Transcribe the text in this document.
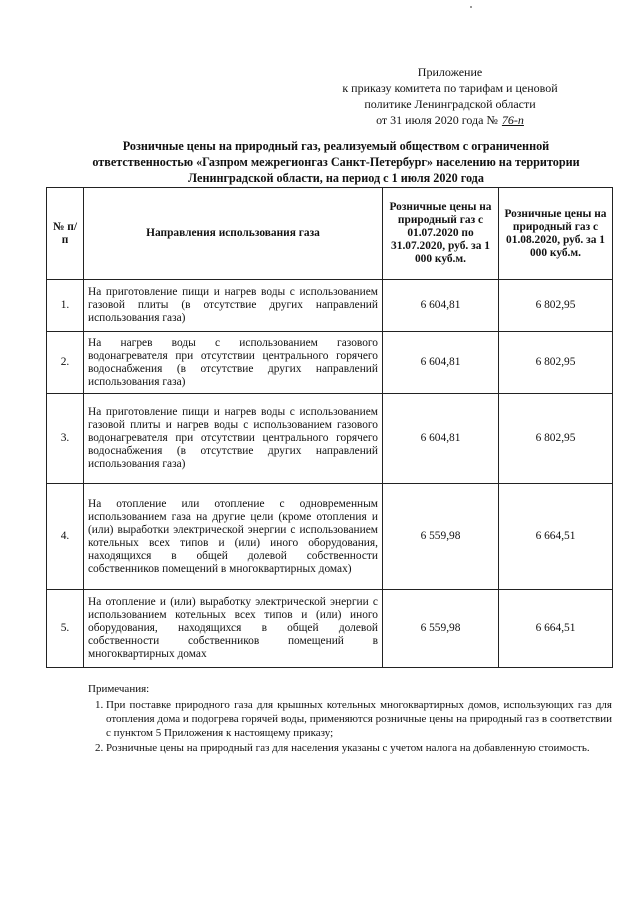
Приложение
к приказу комитета по тарифам и ценовой
политике Ленинградской области
от 31 июля 2020 года № 76-п
Розничные цены на природный газ, реализуемый обществом с ограниченной
ответственностью «Газпром межрегионгаз Санкт-Петербург» населению на территории
Ленинградской области, на период с 1 июля 2020 года
№ п/п	Направления использования газа	Розничные цены на природный газ с 01.07.2020 по 31.07.2020, руб. за 1 000 куб.м.	Розничные цены на природный газ с 01.08.2020, руб. за 1 000 куб.м.
1.	На приготовление пищи и нагрев воды с использованием газовой плиты (в отсутствие других направлений использования газа)	6 604,81	6 802,95
2.	На нагрев воды с использованием газового водонагревателя при отсутствии центрального горячего водоснабжения (в отсутствие других направлений использования газа)	6 604,81	6 802,95
3.	На приготовление пищи и нагрев воды с использованием газовой плиты и нагрев воды с использованием газового водонагревателя при отсутствии центрального горячего водоснабжения (в отсутствие других направлений использования газа)	6 604,81	6 802,95
4.	На отопление или отопление с одновременным использованием газа на другие цели (кроме отопления и (или) выработки электрической энергии с использованием котельных всех типов и (или) иного оборудования, находящихся в общей долевой собственности собственников помещений в многоквартирных домах)	6 559,98	6 664,51
5.	На отопление и (или) выработку электрической энергии с использованием котельных всех типов и (или) иного оборудования, находящихся в общей долевой собственности собственников помещений в многоквартирных домах	6 559,98	6 664,51
Примечания:
1. При поставке природного газа для крышных котельных многоквартирных домов, использующих газ для отопления дома и подогрева горячей воды, применяются розничные цены на природный газ в соответствии с пунктом 5 Приложения к настоящему приказу;
2. Розничные цены на природный газ для населения указаны с учетом налога на добавленную стоимость.
